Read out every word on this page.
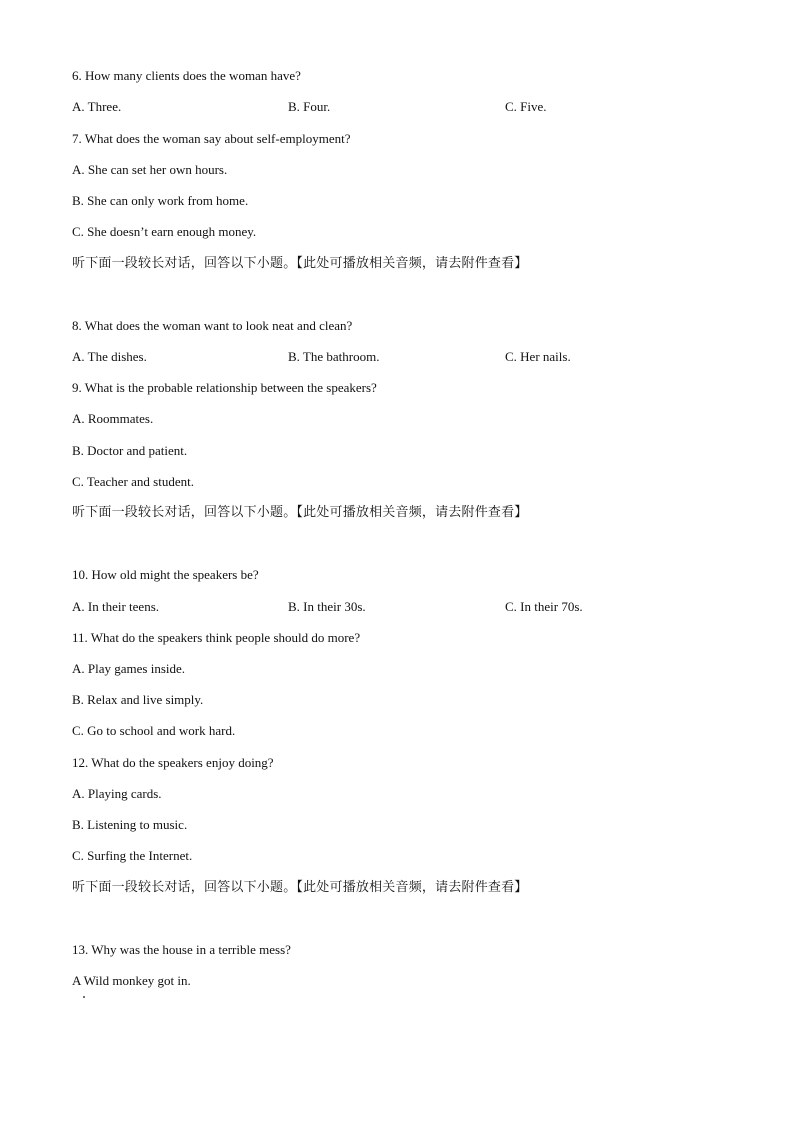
6. How many clients does the woman have?
A. Three.	B. Four.	C. Five.
7. What does the woman say about self-employment?
A. She can set her own hours.
B. She can only work from home.
C. She doesn’t earn enough money.
听下面一段较长对话，回答以下小题。【此处可播放相关音频，请去附件查看】
8. What does the woman want to look neat and clean?
A. The dishes.	B. The bathroom.	C. Her nails.
9. What is the probable relationship between the speakers?
A. Roommates.
B. Doctor and patient.
C. Teacher and student.
听下面一段较长对话，回答以下小题。【此处可播放相关音频，请去附件查看】
10. How old might the speakers be?
A. In their teens.	B. In their 30s.	C. In their 70s.
11. What do the speakers think people should do more?
A. Play games inside.
B. Relax and live simply.
C. Go to school and work hard.
12. What do the speakers enjoy doing?
A. Playing cards.
B. Listening to music.
C. Surfing the Internet.
听下面一段较长对话，回答以下小题。【此处可播放相关音频，请去附件查看】
13. Why was the house in a terrible mess?
A Wild monkey got in.
